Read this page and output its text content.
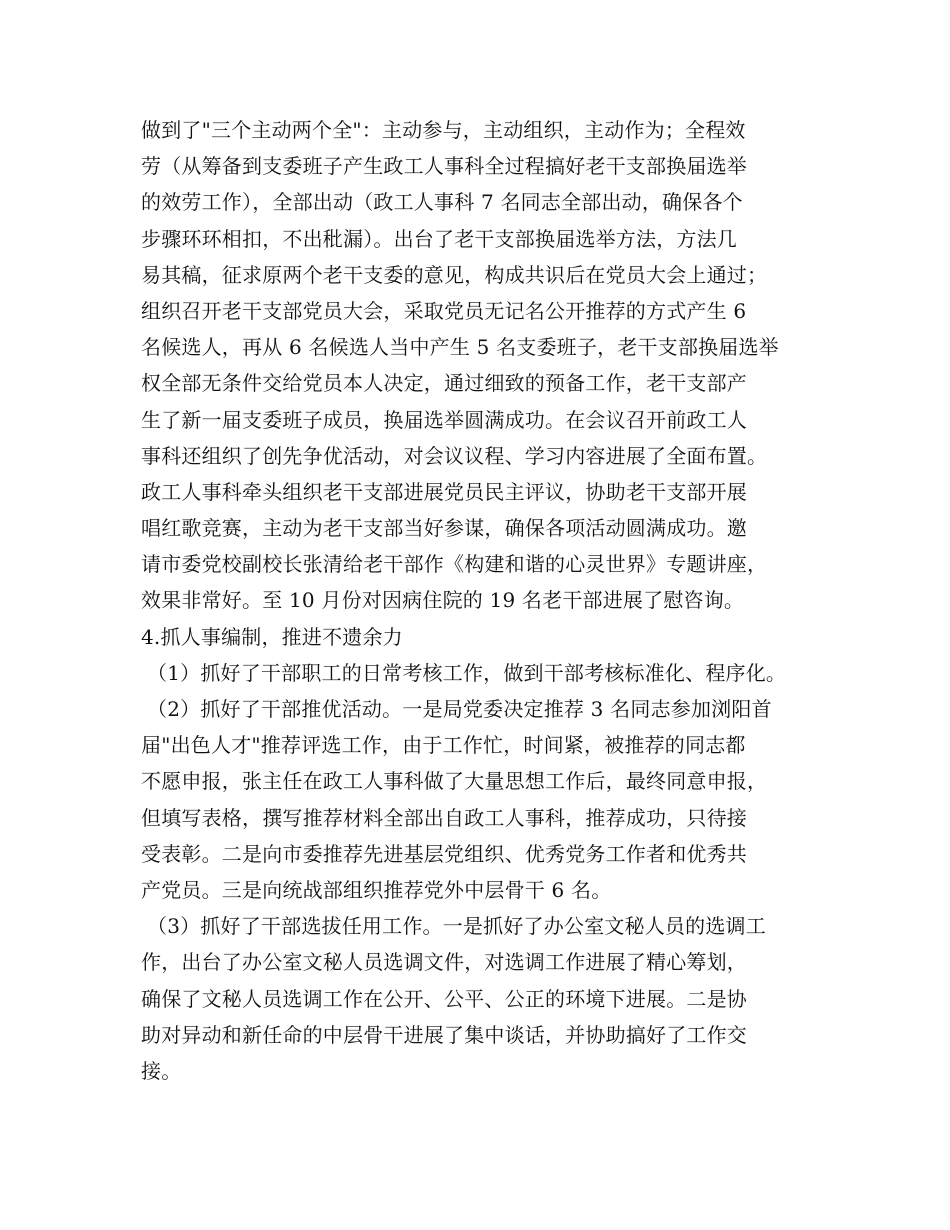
做到了"三个主动两个全"：主动参与，主动组织，主动作为；全程效
劳（从筹备到支委班子产生政工人事科全过程搞好老干支部换届选举
的效劳工作），全部出动（政工人事科 7 名同志全部出动，确保各个
步骤环环相扣，不出秕漏）。出台了老干支部换届选举方法，方法几
易其稿，征求原两个老干支委的意见，构成共识后在党员大会上通过；
组织召开老干支部党员大会，采取党员无记名公开推荐的方式产生 6
名候选人，再从 6 名候选人当中产生 5 名支委班子，老干支部换届选举
权全部无条件交给党员本人决定，通过细致的预备工作，老干支部产
生了新一届支委班子成员，换届选举圆满成功。在会议召开前政工人
事科还组织了创先争优活动，对会议议程、学习内容进展了全面布置。
政工人事科牵头组织老干支部进展党员民主评议，协助老干支部开展
唱红歌竞赛，主动为老干支部当好参谋，确保各项活动圆满成功。邀
请市委党校副校长张清给老干部作《构建和谐的心灵世界》专题讲座，
效果非常好。至 10 月份对因病住院的 19 名老干部进展了慰咨询。
4.抓人事编制，推进不遗余力
（1）抓好了干部职工的日常考核工作，做到干部考核标准化、程序化。
（2）抓好了干部推优活动。一是局党委决定推荐 3 名同志参加浏阳首
届"出色人才"推荐评选工作，由于工作忙，时间紧，被推荐的同志都
不愿申报，张主任在政工人事科做了大量思想工作后，最终同意申报，
但填写表格，撰写推荐材料全部出自政工人事科，推荐成功，只待接
受表彰。二是向市委推荐先进基层党组织、优秀党务工作者和优秀共
产党员。三是向统战部组织推荐党外中层骨干 6 名。
（3）抓好了干部选拔任用工作。一是抓好了办公室文秘人员的选调工
作，出台了办公室文秘人员选调文件，对选调工作进展了精心筹划，
确保了文秘人员选调工作在公开、公平、公正的环境下进展。二是协
助对异动和新任命的中层骨干进展了集中谈话，并协助搞好了工作交
接。
